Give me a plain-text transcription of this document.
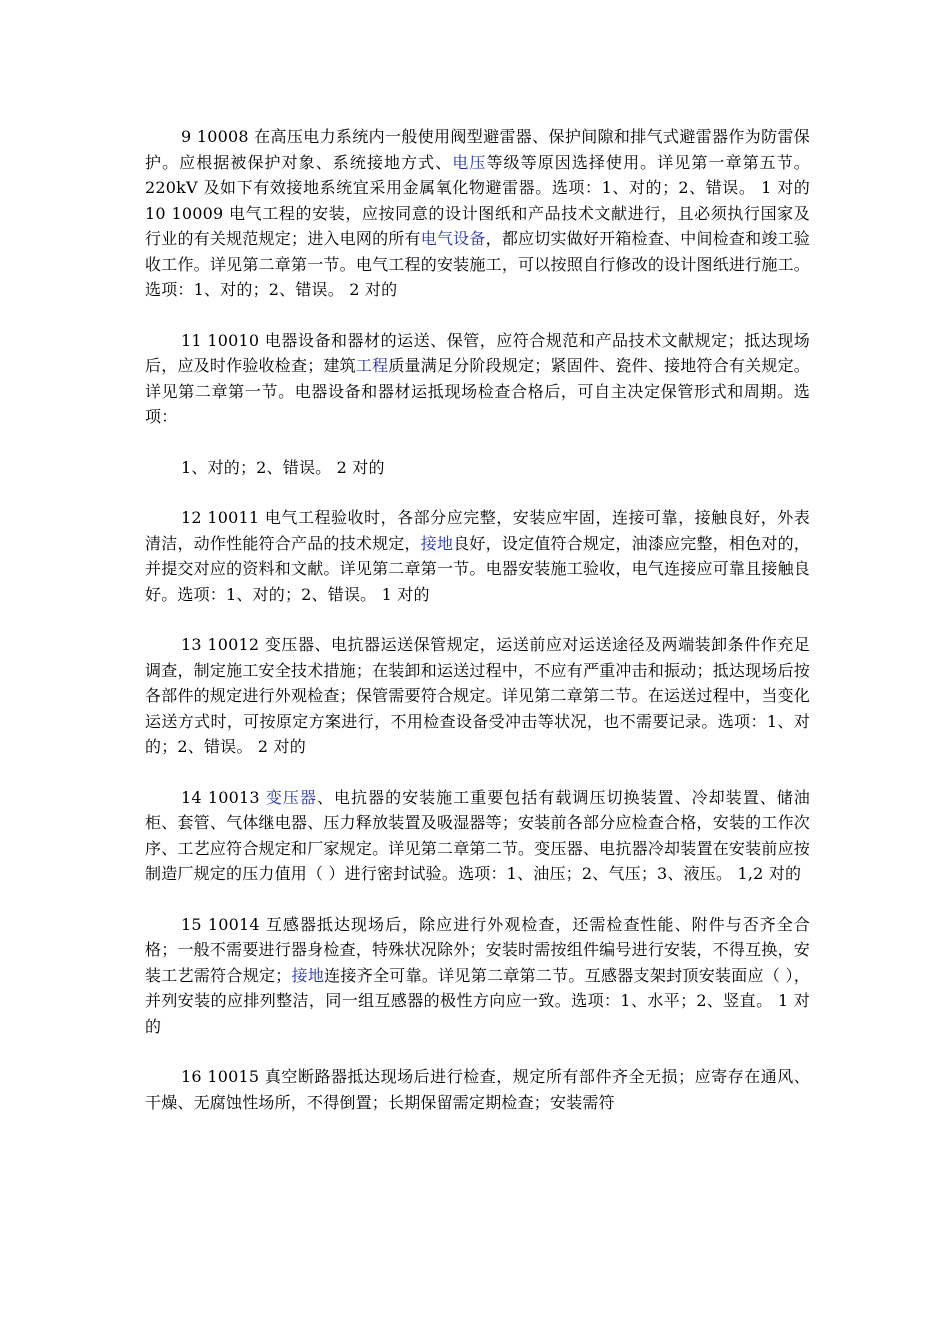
9 10008 在高压电力系统内一般使用阀型避雷器、保护间隙和排气式避雷器作为防雷保护。应根据被保护对象、系统接地方式、电压等级等原因选择使用。详见第一章第五节。220kV 及如下有效接地系统宜采用金属氧化物避雷器。选项：1、对的；2、错误。 1 对的 10 10009 电气工程的安装，应按同意的设计图纸和产品技术文献进行，且必须执行国家及行业的有关规范规定；进入电网的所有电气设备，都应切实做好开箱检查、中间检查和竣工验收工作。详见第二章第一节。电气工程的安装施工，可以按照自行修改的设计图纸进行施工。选项：1、对的；2、错误。 2 对的

11 10010 电器设备和器材的运送、保管，应符合规范和产品技术文献规定；抵达现场后，应及时作验收检查；建筑工程质量满足分阶段规定；紧固件、瓷件、接地符合有关规定。详见第二章第一节。电器设备和器材运抵现场检查合格后，可自主决定保管形式和周期。选项：

1、对的；2、错误。 2 对的

12 10011 电气工程验收时，各部分应完整，安装应牢固，连接可靠，接触良好，外表清洁，动作性能符合产品的技术规定，接地良好，设定值符合规定，油漆应完整，相色对的，并提交对应的资料和文献。详见第二章第一节。电器安装施工验收，电气连接应可靠且接触良好。选项：1、对的；2、错误。 1 对的

13 10012 变压器、电抗器运送保管规定，运送前应对运送途径及两端装卸条件作充足调查，制定施工安全技术措施；在装卸和运送过程中，不应有严重冲击和振动；抵达现场后按各部件的规定进行外观检查；保管需要符合规定。详见第二章第二节。在运送过程中，当变化运送方式时，可按原定方案进行，不用检查设备受冲击等状况，也不需要记录。选项：1、对的；2、错误。 2 对的

14 10013 变压器、电抗器的安装施工重要包括有载调压切换装置、冷却装置、储油柜、套管、气体继电器、压力释放装置及吸湿器等；安装前各部分应检查合格，安装的工作次序、工艺应符合规定和厂家规定。详见第二章第二节。变压器、电抗器冷却装置在安装前应按制造厂规定的压力值用（ ）进行密封试验。选项：1、油压；2、气压；3、液压。 1,2 对的

15 10014 互感器抵达现场后，除应进行外观检查，还需检查性能、附件与否齐全合格；一般不需要进行器身检查，特殊状况除外；安装时需按组件编号进行安装，不得互换，安装工艺需符合规定；接地连接齐全可靠。详见第二章第二节。互感器支架封顶安装面应（ ），并列安装的应排列整洁，同一组互感器的极性方向应一致。选项：1、水平；2、竖直。 1 对的

16 10015 真空断路器抵达现场后进行检查，规定所有部件齐全无损；应寄存在通风、干燥、无腐蚀性场所，不得倒置；长期保留需定期检查；安装需符
